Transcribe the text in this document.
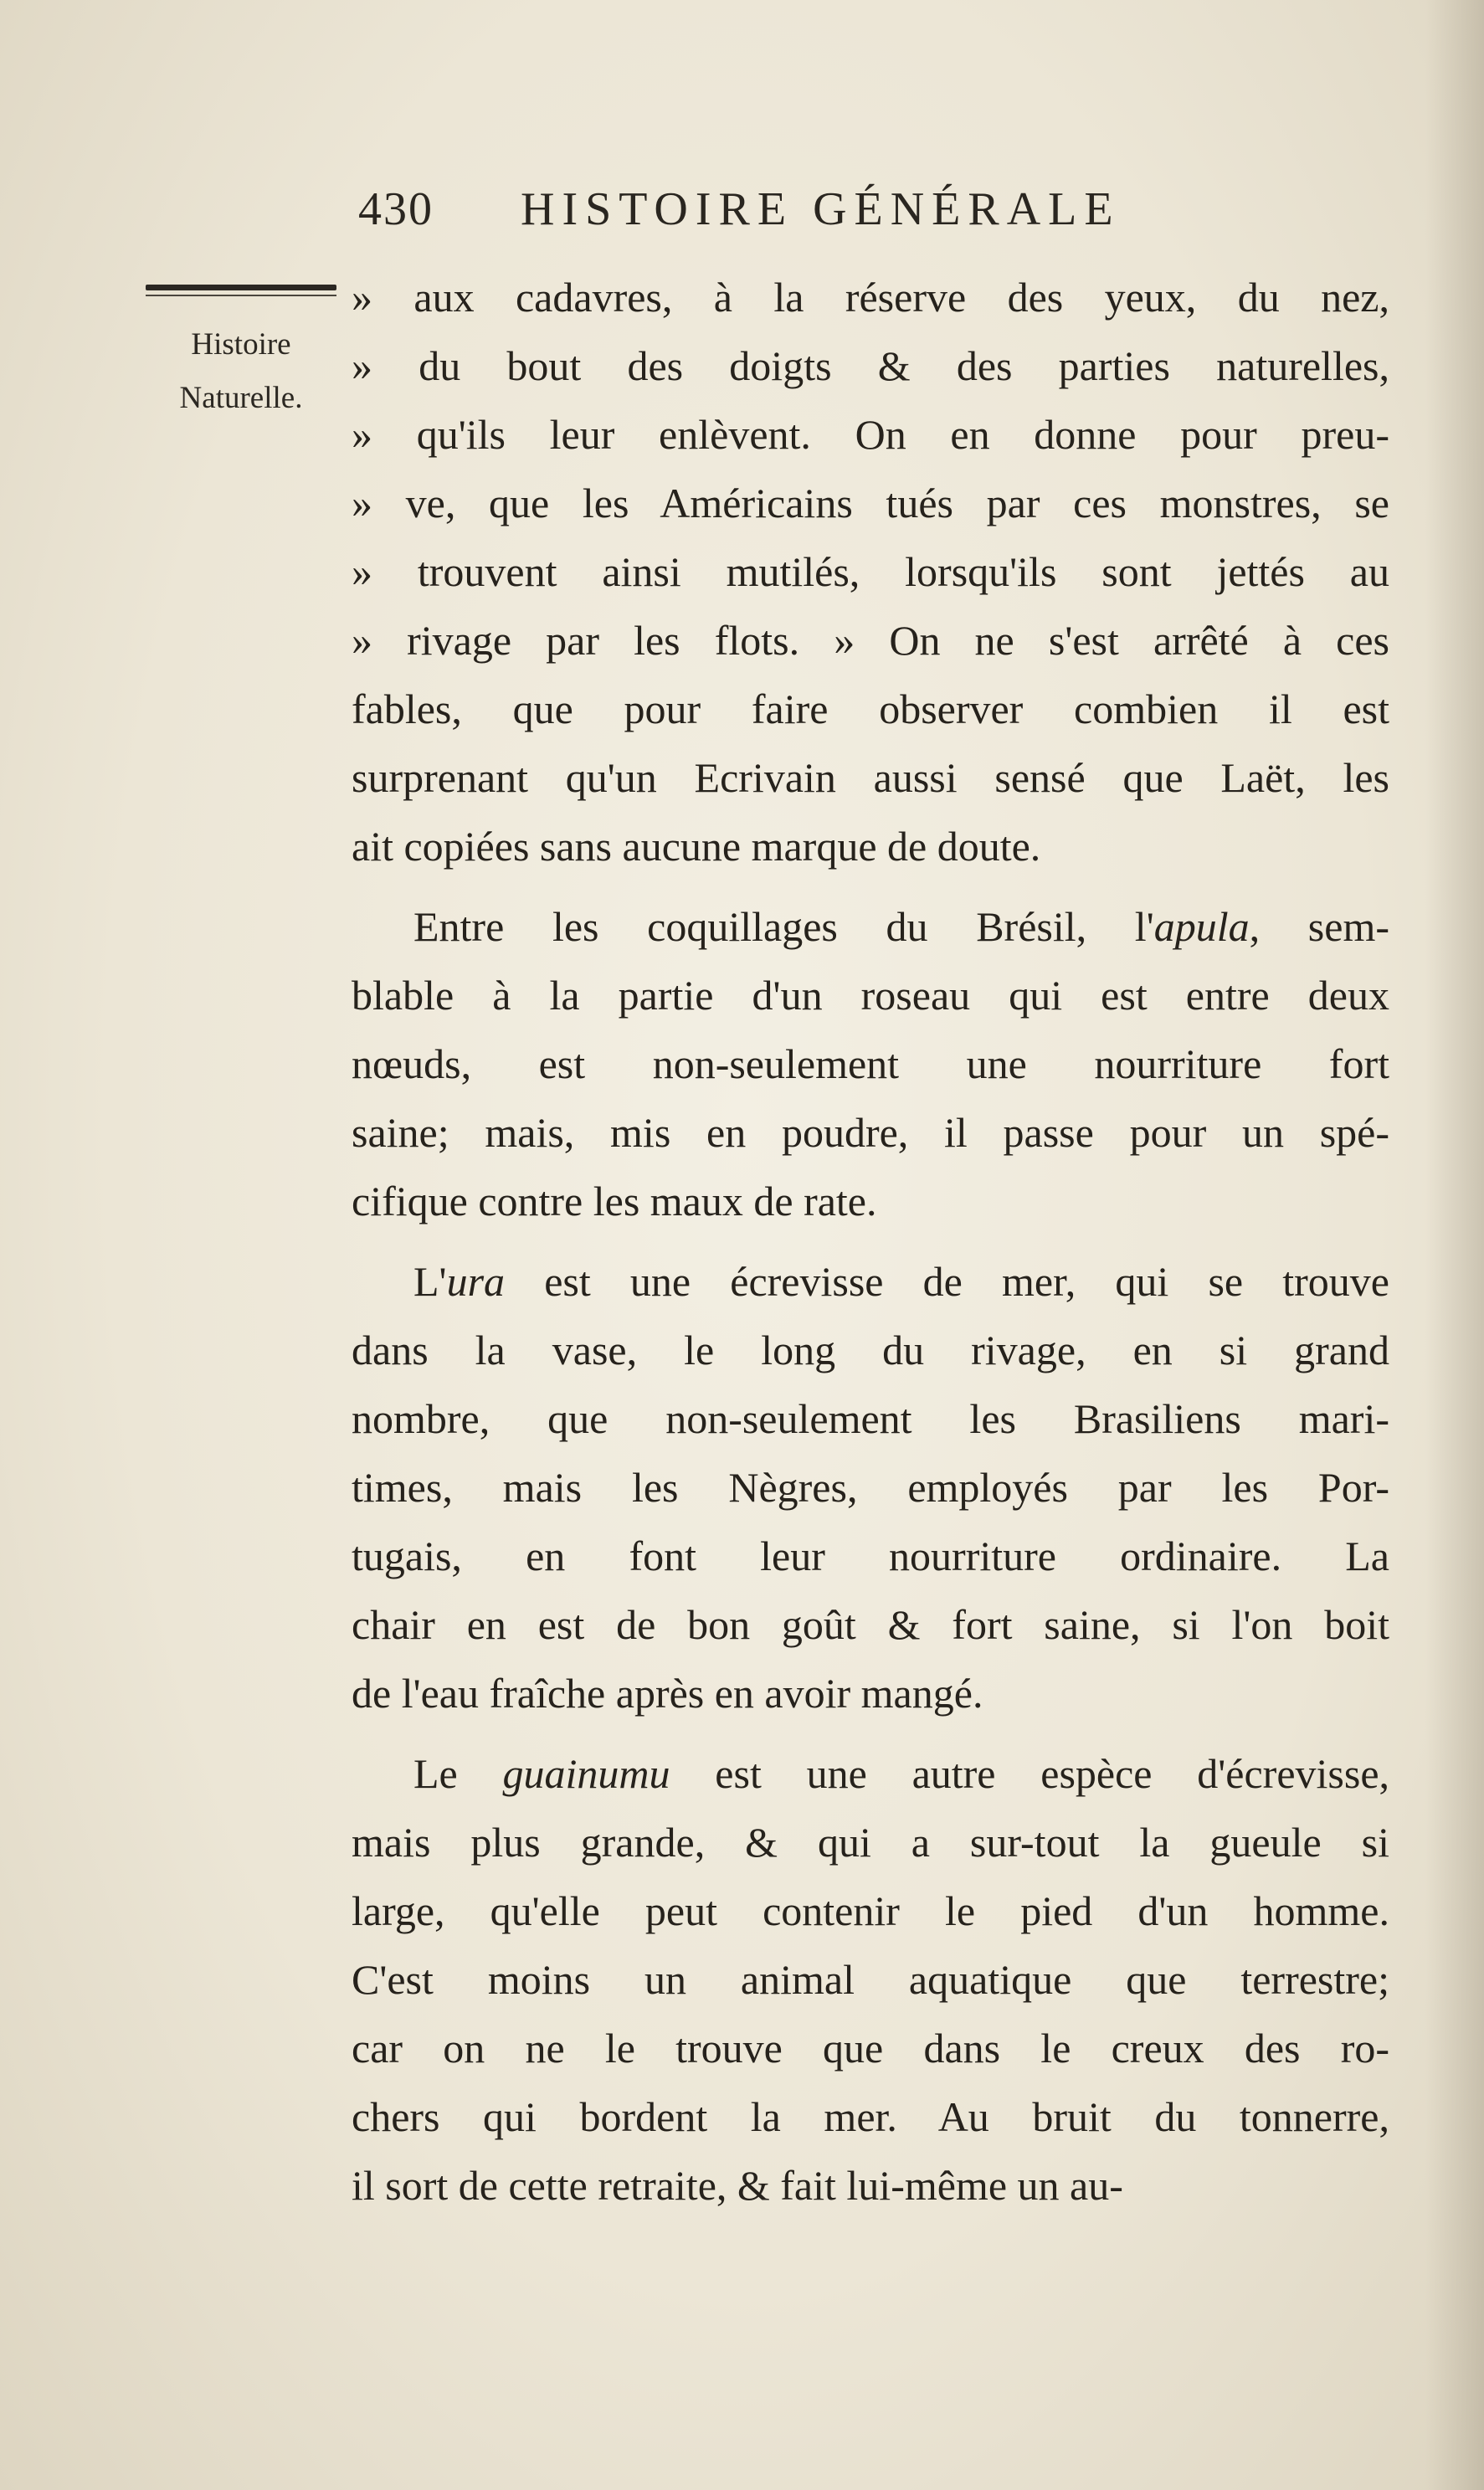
430 HISTOIRE GÉNÉRALE
Histoire
Naturelle.
» aux cadavres, à la réserve des yeux, du nez,
» du bout des doigts & des parties naturelles,
» qu'ils leur enlèvent. On en donne pour preu-
» ve, que les Américains tués par ces monstres, se
» trouvent ainsi mutilés, lorsqu'ils sont jettés au
» rivage par les flots. » On ne s'est arrêté à ces
fables, que pour faire observer combien il est
surprenant qu'un Ecrivain aussi sensé que Laët, les
ait copiées sans aucune marque de doute.
Entre les coquillages du Brésil, l'apula, sem-
blable à la partie d'un roseau qui est entre deux
nœuds, est non-seulement une nourriture fort
saine; mais, mis en poudre, il passe pour un spé-
cifique contre les maux de rate.
L'ura est une écrevisse de mer, qui se trouve
dans la vase, le long du rivage, en si grand
nombre, que non-seulement les Brasiliens mari-
times, mais les Nègres, employés par les Por-
tugais, en font leur nourriture ordinaire. La
chair en est de bon goût & fort saine, si l'on boit
de l'eau fraîche après en avoir mangé.
Le guainumu est une autre espèce d'écrevisse,
mais plus grande, & qui a sur-tout la gueule si
large, qu'elle peut contenir le pied d'un homme.
C'est moins un animal aquatique que terrestre;
car on ne le trouve que dans le creux des ro-
chers qui bordent la mer. Au bruit du tonnerre,
il sort de cette retraite, & fait lui-même un au-
